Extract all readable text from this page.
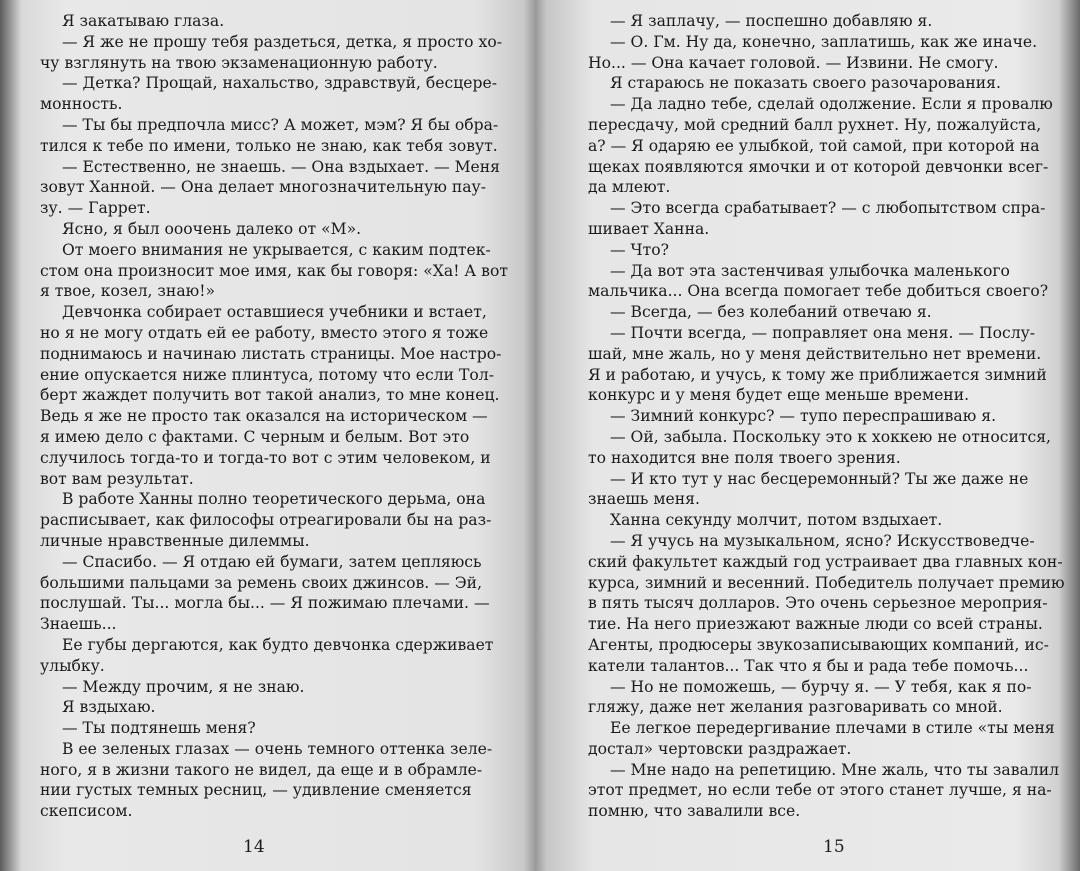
Я закатываю глаза.
— Я же не прошу тебя раздеться, детка, я просто хо-
чу взглянуть на твою экзаменационную работу.
— Детка? Прощай, нахальство, здравствуй, бесцере-
монность.
— Ты бы предпочла мисс? А может, мэм? Я бы обра-
тился к тебе по имени, только не знаю, как тебя зовут.
— Естественно, не знаешь. — Она вздыхает. — Меня
зовут Ханной. — Она делает многозначительную пау-
зу. — Гаррет.
Ясно, я был ооочень далеко от «М».
От моего внимания не укрывается, с каким подтек-
стом она произносит мое имя, как бы говоря: «Ха! А вот
я твое, козел, знаю!»
Девчонка собирает оставшиеся учебники и встает,
но я не могу отдать ей ее работу, вместо этого я тоже
поднимаюсь и начинаю листать страницы. Мое настро-
ение опускается ниже плинтуса, потому что если Тол-
берт жаждет получить вот такой анализ, то мне конец.
Ведь я же не просто так оказался на историческом —
я имею дело с фактами. С черным и белым. Вот это
случилось тогда-то и тогда-то вот с этим человеком, и
вот вам результат.
В работе Ханны полно теоретического дерьма, она
расписывает, как философы отреагировали бы на раз-
личные нравственные дилеммы.
— Спасибо. — Я отдаю ей бумаги, затем цепляюсь
большими пальцами за ремень своих джинсов. — Эй,
послушай. Ты... могла бы... — Я пожимаю плечами. —
Знаешь...
Ее губы дергаются, как будто девчонка сдерживает
улыбку.
— Между прочим, я не знаю.
Я вздыхаю.
— Ты подтянешь меня?
В ее зеленых глазах — очень темного оттенка зеле-
ного, я в жизни такого не видел, да еще и в обрамле-
нии густых темных ресниц, — удивление сменяется
скепсисом.
14
— Я заплачу, — поспешно добавляю я.
— О. Гм. Ну да, конечно, заплатишь, как же иначе.
Но... — Она качает головой. — Извини. Не смогу.
Я стараюсь не показать своего разочарования.
— Да ладно тебе, сделай одолжение. Если я провалю
пересдачу, мой средний балл рухнет. Ну, пожалуйста,
а? — Я одаряю ее улыбкой, той самой, при которой на
щеках появляются ямочки и от которой девчонки всег-
да млеют.
— Это всегда срабатывает? — с любопытством спра-
шивает Ханна.
— Что?
— Да вот эта застенчивая улыбочка маленького
мальчика... Она всегда помогает тебе добиться своего?
— Всегда, — без колебаний отвечаю я.
— Почти всегда, — поправляет она меня. — Послу-
шай, мне жаль, но у меня действительно нет времени.
Я и работаю, и учусь, к тому же приближается зимний
конкурс и у меня будет еще меньше времени.
— Зимний конкурс? — тупо переспрашиваю я.
— Ой, забыла. Поскольку это к хоккею не относится,
то находится вне поля твоего зрения.
— И кто тут у нас бесцеремонный? Ты же даже не
знаешь меня.
Ханна секунду молчит, потом вздыхает.
— Я учусь на музыкальном, ясно? Искусствоведче-
ский факультет каждый год устраивает два главных кон-
курса, зимний и весенний. Победитель получает премию
в пять тысяч долларов. Это очень серьезное мероприя-
тие. На него приезжают важные люди со всей страны.
Агенты, продюсеры звукозаписывающих компаний, ис-
катели талантов... Так что я бы и рада тебе помочь...
— Но не поможешь, — бурчу я. — У тебя, как я по-
гляжу, даже нет желания разговаривать со мной.
Ее легкое передергивание плечами в стиле «ты меня
достал» чертовски раздражает.
— Мне надо на репетицию. Мне жаль, что ты завалил
этот предмет, но если тебе от этого станет лучше, я на-
помню, что завалили все.
15
